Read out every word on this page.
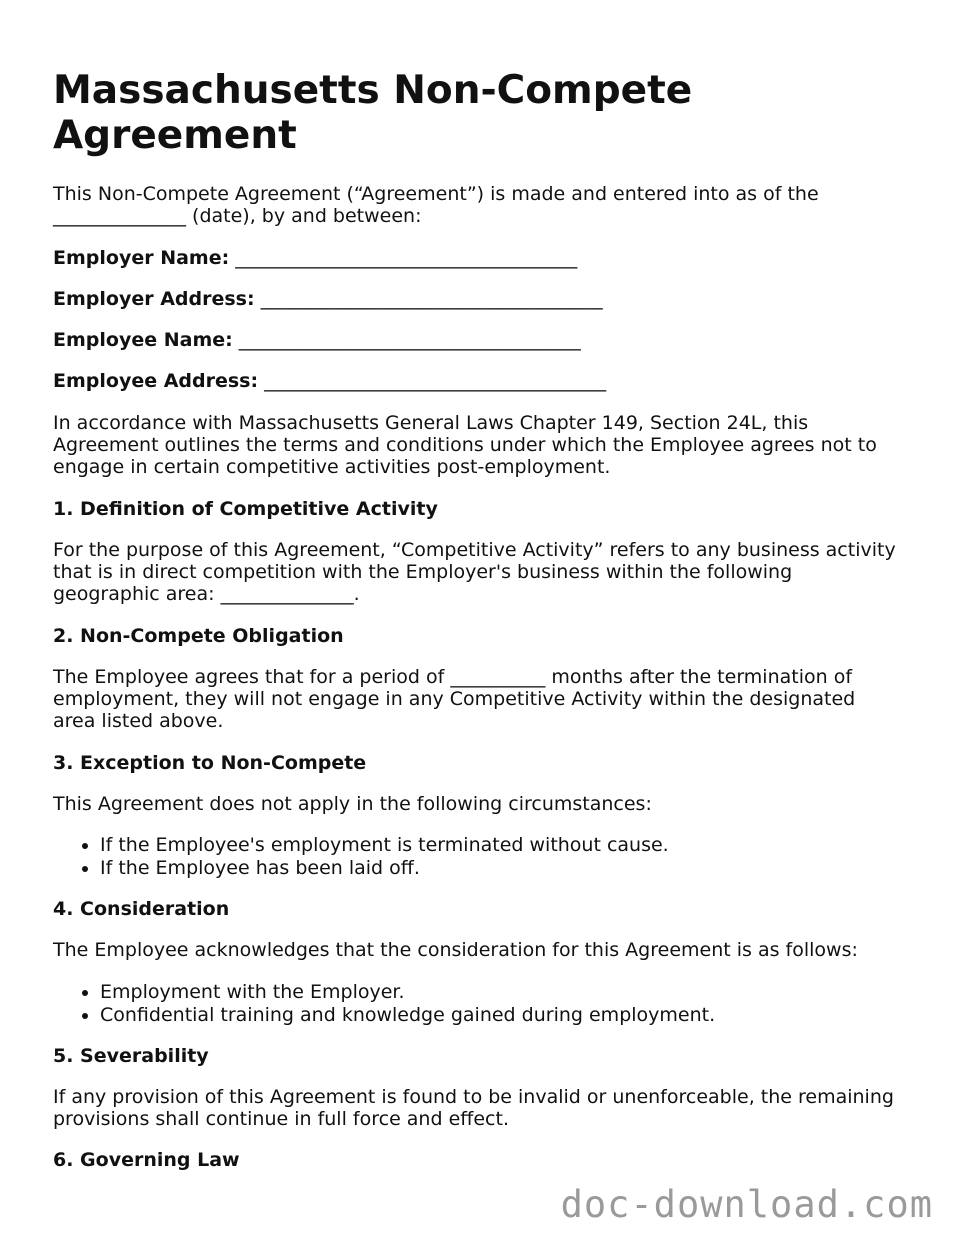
Massachusetts Non-Compete Agreement

This Non-Compete Agreement (“Agreement”) is made and entered into as of the ______________ (date), by and between:

Employer Name: ____________________________________

Employer Address: ____________________________________

Employee Name: ____________________________________

Employee Address: ____________________________________

In accordance with Massachusetts General Laws Chapter 149, Section 24L, this Agreement outlines the terms and conditions under which the Employee agrees not to engage in certain competitive activities post-employment.

1. Definition of Competitive Activity

For the purpose of this Agreement, “Competitive Activity” refers to any business activity that is in direct competition with the Employer's business within the following geographic area: ______________.

2. Non-Compete Obligation

The Employee agrees that for a period of __________ months after the termination of employment, they will not engage in any Competitive Activity within the designated area listed above.

3. Exception to Non-Compete

This Agreement does not apply in the following circumstances:

If the Employee's employment is terminated without cause.
If the Employee has been laid off.
4. Consideration

The Employee acknowledges that the consideration for this Agreement is as follows:

Employment with the Employer.
Confidential training and knowledge gained during employment.
5. Severability

If any provision of this Agreement is found to be invalid or unenforceable, the remaining provisions shall continue in full force and effect.

6. Governing Law
doc-download.com
